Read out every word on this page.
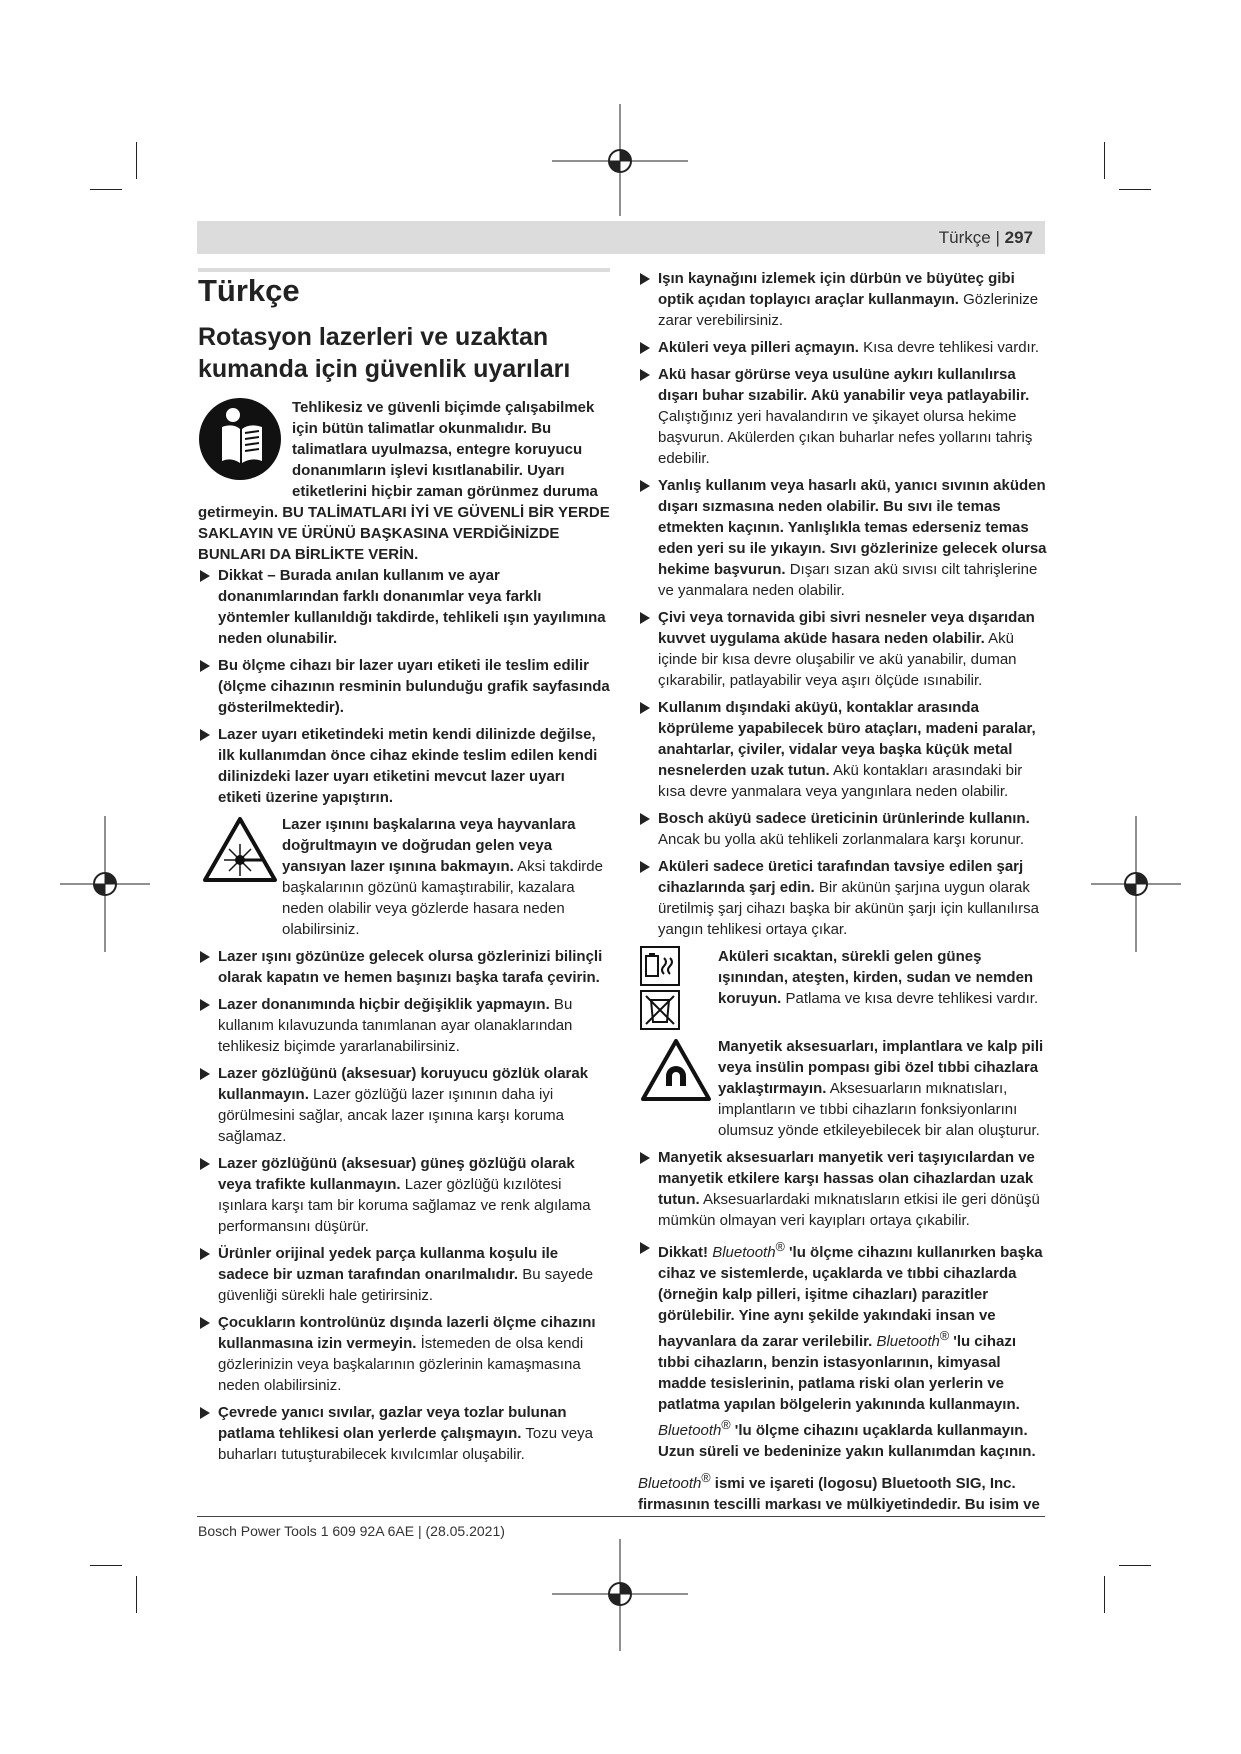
Türkçe | 297
Türkçe
Rotasyon lazerleri ve uzaktan kumanda için güvenlik uyarıları
Tehlikesiz ve güvenli biçimde çalışabilmek için bütün talimatlar okunmalıdır. Bu talimatlara uyulmazsa, entegre koruyucu donanımların işlevi kısıtlanabilir. Uyarı etiketlerini hiçbir zaman görünmez duruma getirmeyin. BU TALİMATLARI İYİ VE GÜVENLİ BİR YERDE SAKLAYIN VE ÜRÜNÜ BAŞKASINA VERDİĞİNİZDE BUNLARI DA BİRLİKTE VERİN.
Dikkat – Burada anılan kullanım ve ayar donanımlarından farklı donanımlar veya farklı yöntemler kullanıldığı takdirde, tehlikeli ışın yayılımına neden olunabilir.
Bu ölçme cihazı bir lazer uyarı etiketi ile teslim edilir (ölçme cihazının resminin bulunduğu grafik sayfasında gösterilmektedir).
Lazer uyarı etiketindeki metin kendi dilinizde değilse, ilk kullanımdan önce cihaz ekinde teslim edilen kendi dilinizdeki lazer uyarı etiketini mevcut lazer uyarı etiketi üzerine yapıştırın.
Lazer ışınını başkalarına veya hayvanlara doğrultmayın ve doğrudan gelen veya yansıyan lazer ışınına bakmayın. Aksi takdirde başkalarının gözünü kamaştırabilir, kazalara neden olabilir veya gözlerde hasara neden olabilirsiniz.
Lazer ışını gözünüze gelecek olursa gözlerinizi bilinçli olarak kapatın ve hemen başınızı başka tarafa çevirin.
Lazer donanımında hiçbir değişiklik yapmayın. Bu kullanım kılavuzunda tanımlanan ayar olanaklarından tehlikesiz biçimde yararlanabilirsiniz.
Lazer gözlüğünü (aksesuar) koruyucu gözlük olarak kullanmayın. Lazer gözlüğü lazer ışınının daha iyi görülmesini sağlar, ancak lazer ışınına karşı koruma sağlamaz.
Lazer gözlüğünü (aksesuar) güneş gözlüğü olarak veya trafikte kullanmayın. Lazer gözlüğü kızılötesi ışınlara karşı tam bir koruma sağlamaz ve renk algılama performansını düşürür.
Ürünler orijinal yedek parça kullanma koşulu ile sadece bir uzman tarafından onarılmalıdır. Bu sayede güvenliği sürekli hale getirirsiniz.
Çocukların kontrolünüz dışında lazerli ölçme cihazını kullanmasına izin vermeyin. İstemeden de olsa kendi gözlerinizin veya başkalarının gözlerinin kamaşmasına neden olabilirsiniz.
Çevrede yanıcı sıvılar, gazlar veya tozlar bulunan patlama tehlikesi olan yerlerde çalışmayın. Tozu veya buharları tutuşturabilecek kıvılcımlar oluşabilir.
Işın kaynağını izlemek için dürbün ve büyüteç gibi optik açıdan toplayıcı araçlar kullanmayın. Gözlerinize zarar verebilirsiniz.
Aküleri veya pilleri açmayın. Kısa devre tehlikesi vardır.
Akü hasar görürse veya usulüne aykırı kullanılırsa dışarı buhar sızabilir. Akü yanabilir veya patlayabilir. Çalıştığınız yeri havalandırın ve şikayet olursa hekime başvurun. Akülerden çıkan buharlar nefes yollarını tahriş edebilir.
Yanlış kullanım veya hasarlı akü, yanıcı sıvının aküden dışarı sızmasına neden olabilir. Bu sıvı ile temas etmekten kaçının. Yanlışlıkla temas ederseniz temas eden yeri su ile yıkayın. Sıvı gözlerinize gelecek olursa hekime başvurun. Dışarı sızan akü sıvısı cilt tahrişlerine ve yanmalara neden olabilir.
Çivi veya tornavida gibi sivri nesneler veya dışarıdan kuvvet uygulama aküde hasara neden olabilir. Akü içinde bir kısa devre oluşabilir ve akü yanabilir, duman çıkarabilir, patlayabilir veya aşırı ölçüde ısınabilir.
Kullanım dışındaki aküyü, kontaklar arasında köprüleme yapabilecek büro ataçları, madeni paralar, anahtarlar, çiviler, vidalar veya başka küçük metal nesnelerden uzak tutun. Akü kontakları arasındaki bir kısa devre yanmalara veya yangınlara neden olabilir.
Bosch aküyü sadece üreticinin ürünlerinde kullanın. Ancak bu yolla akü tehlikeli zorlanmalara karşı korunur.
Aküleri sadece üretici tarafından tavsiye edilen şarj cihazlarında şarj edin. Bir akünün şarjına uygun olarak üretilmiş şarj cihazı başka bir akünün şarjı için kullanılırsa yangın tehlikesi ortaya çıkar.
Aküleri sıcaktan, sürekli gelen güneş ışınından, ateşten, kirden, sudan ve nemden koruyun. Patlama ve kısa devre tehlikesi vardır.
Manyetik aksesuarları, implantlara ve kalp pili veya insülin pompası gibi özel tıbbi cihazlara yaklaştırmayın. Aksesuarların mıknatısları, implantların ve tıbbi cihazların fonksiyonlarını olumsuz yönde etkileyebilecek bir alan oluşturur.
Manyetik aksesuarları manyetik veri taşıyıcılardan ve manyetik etkilere karşı hassas olan cihazlardan uzak tutun. Aksesuarlardaki mıknatısların etkisi ile geri dönüşü mümkün olmayan veri kayıpları ortaya çıkabilir.
Dikkat! Bluetooth® 'lu ölçme cihazını kullanırken başka cihaz ve sistemlerde, uçaklarda ve tıbbi cihazlarda (örneğin kalp pilleri, işitme cihazları) parazitler görülebilir. Yine aynı şekilde yakındaki insan ve hayvanlara da zarar verilebilir. Bluetooth® 'lu cihazı tıbbi cihazların, benzin istasyonlarının, kimyasal madde tesislerinin, patlama riski olan yerlerin ve patlatma yapılan bölgelerin yakınında kullanmayın. Bluetooth® 'lu ölçme cihazını uçaklarda kullanmayın. Uzun süreli ve bedeninize yakın kullanımdan kaçının.

Bluetooth® ismi ve işareti (logosu) Bluetooth SIG, Inc. firmasının tescilli markası ve mülkiyetindedir. Bu isim ve

Bosch Power Tools 1 609 92A 6AE | (28.05.2021)
